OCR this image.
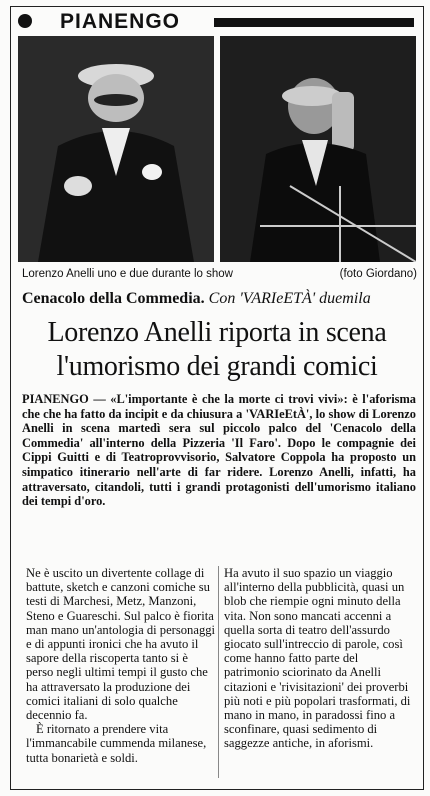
PIANENGO
Lorenzo Anelli uno e due durante lo show	(foto Giordano)
Cenacolo della Commedia. Con 'VARIeETÀ' duemila
Lorenzo Anelli riporta in scena
l'umorismo dei grandi comici
PIANENGO — «L'importante è che la morte ci trovi vivi»: è l'aforisma che che ha fatto da incipit e da chiusura a 'VARIeEtÀ', lo show di Lorenzo Anelli in scena martedì sera sul piccolo palco del 'Cenacolo della Commedia' all'interno della Pizzeria 'Il Faro'. Dopo le compagnie dei Cippi Guitti e di Teatroprovvisorio, Salvatore Coppola ha proposto un simpatico itinerario nell'arte di far ridere. Lorenzo Anelli, infatti, ha attraversato, citandoli, tutti i grandi protagonisti dell'umorismo italiano dei tempi d'oro.

Ne è uscito un divertente collage di battute, sketch e canzoni comiche su testi di Marchesi, Metz, Manzoni, Steno e Guareschi. Sul palco è fiorita man mano un'antologia di personaggi e di appunti ironici che ha avuto il sapore della riscoperta tanto si è perso negli ultimi tempi il gusto che ha attraversato la produzione dei comici italiani di solo qualche decennio fa.

È ritornato a prendere vita l'immancabile cummenda milanese, tutta bonarietà e soldi.

Ha avuto il suo spazio un viaggio all'interno della pubblicità, quasi un blob che riempie ogni minuto della vita. Non sono mancati accenni a quella sorta di teatro dell'assurdo giocato sull'intreccio di parole, così come hanno fatto parte del patrimonio sciorinato da Anelli citazioni e 'rivisitazioni' dei proverbi più noti e più popolari trasformati, di mano in mano, in paradossi fino a sconfinare, quasi sedimento di saggezze antiche, in aforismi.
